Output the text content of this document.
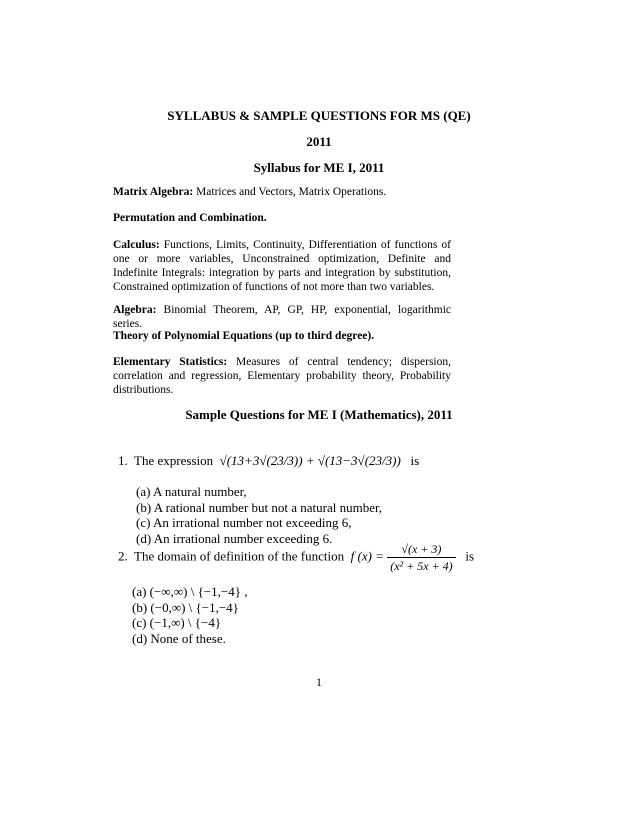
SYLLABUS & SAMPLE QUESTIONS FOR MS (QE)
2011
Syllabus for ME I, 2011
Matrix Algebra: Matrices and Vectors, Matrix Operations.
Permutation and Combination.
Calculus: Functions, Limits, Continuity, Differentiation of functions of one or more variables, Unconstrained optimization, Definite and Indefinite Integrals: integration by parts and integration by substitution, Constrained optimization of functions of not more than two variables.
Algebra: Binomial Theorem, AP, GP, HP, exponential, logarithmic series.
Theory of Polynomial Equations (up to third degree).
Elementary Statistics: Measures of central tendency; dispersion, correlation and regression, Elementary probability theory, Probability distributions.
Sample Questions for ME I (Mathematics), 2011
1. The expression √(13+3√(23/3)) + √(13−3√(23/3)) is
(a) A natural number,
(b) A rational number but not a natural number,
(c) An irrational number not exceeding 6,
(d) An irrational number exceeding 6.
2. The domain of definition of the function f $(x) = \frac{√(x + 3)}{\text{(x² + 5x + 4)}}$ is
(a) (−∞,∞) \ {−1,−4} ,
(b) (−0,∞) \ {−1,−4}
(c) (−1,∞) \ {−4}
(d) None of these.
1
